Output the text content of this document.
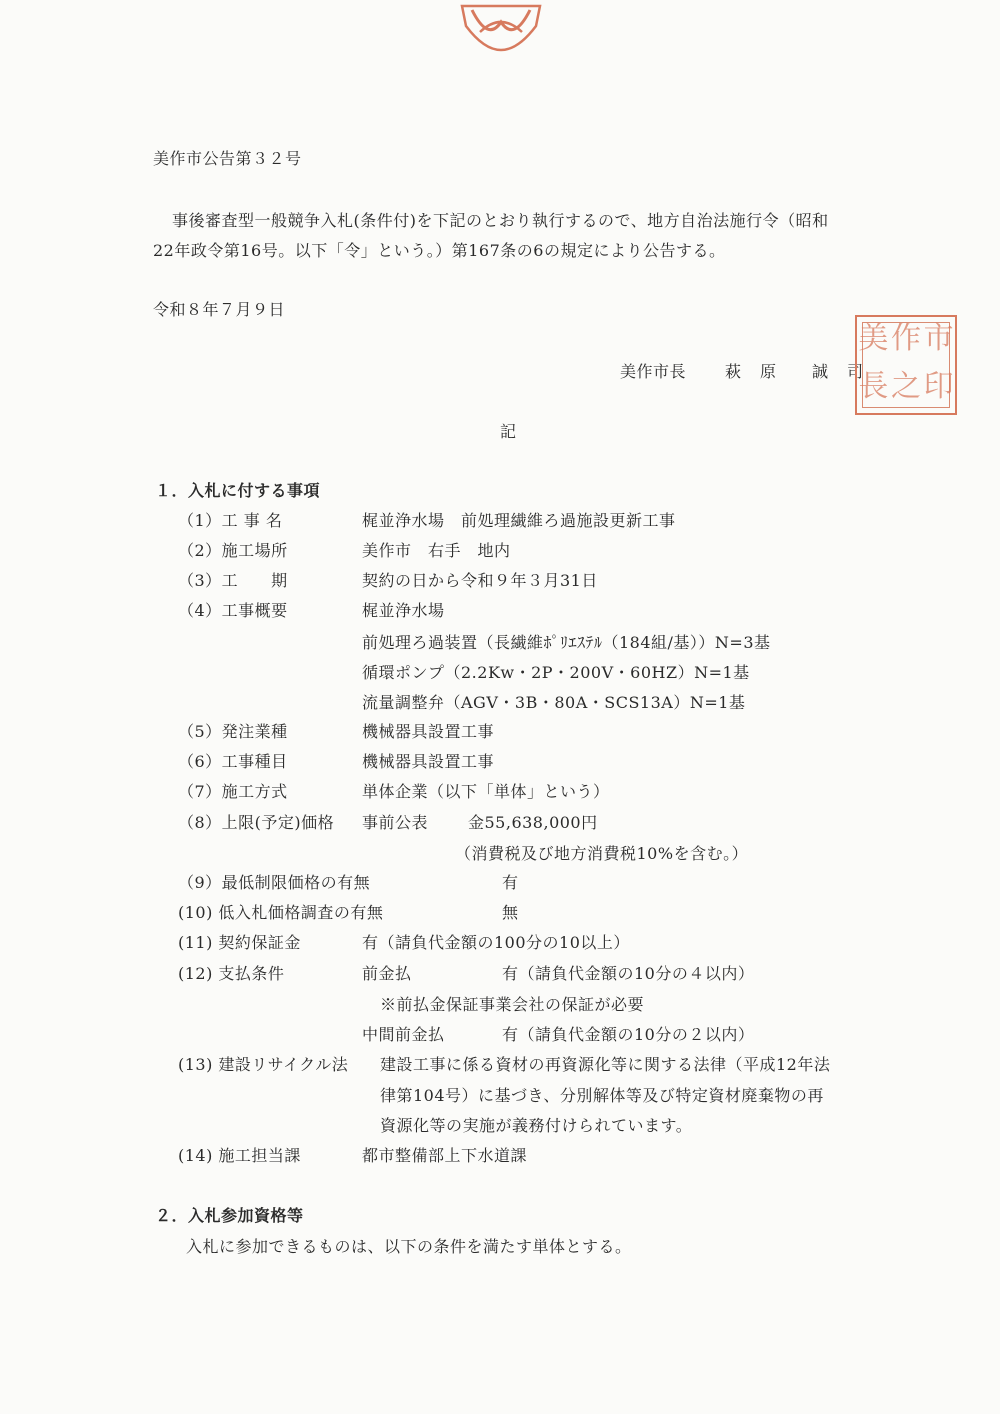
美作市公告第３２号
事後審査型一般競争入札(条件付)を下記のとおり執行するので、地方自治法施行令（昭和
22年政令第16号。以下「令」という。）第167条の6の規定により公告する。
令和８年７月９日
美作市長 萩 原 誠 司
美 作 市
長 之 印
記
１．入札に付する事項
（1）工 事 名	梶並浄水場　前処理繊維ろ過施設更新工事
（2）施工場所	美作市　右手　地内
（3）工　　期	契約の日から令和９年３月31日
（4）工事概要	梶並浄水場
前処理ろ過装置（長繊維ﾎﾟﾘｴｽﾃﾙ（184組/基））N=3基
循環ポンプ（2.2Kw・2P・200V・60HZ）N=1基
流量調整弁（AGV・3B・80A・SCS13A）N=1基
（5）発注業種	機械器具設置工事
（6）工事種目	機械器具設置工事
（7）施工方式	単体企業（以下「単体」という）
（8）上限(予定)価格 事前公表 金55,638,000円
（消費税及び地方消費税10%を含む。）
（9）最低制限価格の有無	有
(10) 低入札価格調査の有無	無
(11) 契約保証金	有（請負代金額の100分の10以上）
(12) 支払条件	前金払	有（請負代金額の10分の４以内）
※前払金保証事業会社の保証が必要
中間前金払	有（請負代金額の10分の２以内）
(13) 建設リサイクル法 建設工事に係る資材の再資源化等に関する法律（平成12年法
律第104号）に基づき、分別解体等及び特定資材廃棄物の再
資源化等の実施が義務付けられています。
(14) 施工担当課	都市整備部上下水道課
２．入札参加資格等
入札に参加できるものは、以下の条件を満たす単体とする。
